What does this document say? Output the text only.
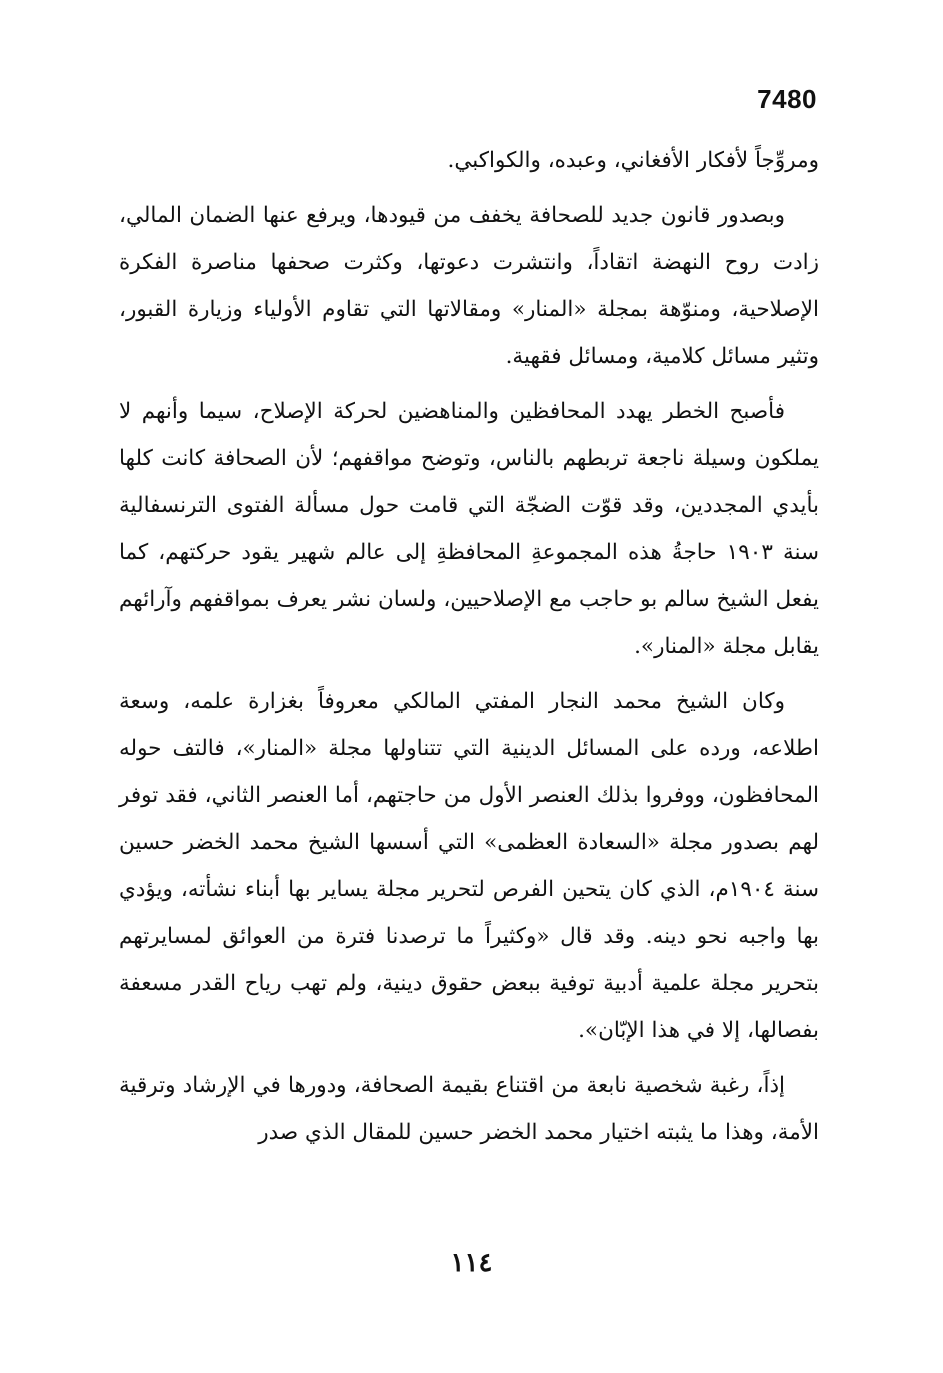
7480

ومروِّجاً لأفكار الأفغاني، وعبده، والكواكبي.

وبصدور قانون جديد للصحافة يخفف من قيودها، ويرفع عنها الضمان المالي، زادت روح النهضة اتقاداً، وانتشرت دعوتها، وكثرت صحفها مناصرة الفكرة الإصلاحية، ومنوّهة بمجلة «المنار» ومقالاتها التي تقاوم الأولياء وزيارة القبور، وتثير مسائل كلامية، ومسائل فقهية.

فأصبح الخطر يهدد المحافظين والمناهضين لحركة الإصلاح، سيما وأنهم لا يملكون وسيلة ناجعة تربطهم بالناس، وتوضح مواقفهم؛ لأن الصحافة كانت كلها بأيدي المجددين، وقد قوّت الضجّة التي قامت حول مسألة الفتوى الترنسفالية سنة ١٩٠٣ حاجةُ هذه المجموعةِ المحافظةِ إلى عالم شهير يقود حركتهم، كما يفعل الشيخ سالم بو حاجب مع الإصلاحيين، ولسان نشر يعرف بمواقفهم وآرائهم يقابل مجلة «المنار».

وكان الشيخ محمد النجار المفتي المالكي معروفاً بغزارة علمه، وسعة اطلاعه، ورده على المسائل الدينية التي تتناولها مجلة «المنار»، فالتف حوله المحافظون، ووفروا بذلك العنصر الأول من حاجتهم، أما العنصر الثاني، فقد توفر لهم بصدور مجلة «السعادة العظمى» التي أسسها الشيخ محمد الخضر حسين سنة ١٩٠٤م، الذي كان يتحين الفرص لتحرير مجلة يساير بها أبناء نشأته، ويؤدي بها واجبه نحو دينه. وقد قال «وكثيراً ما ترصدنا فترة من العوائق لمسايرتهم بتحرير مجلة علمية أدبية توفية ببعض حقوق دينية، ولم تهب رياح القدر مسعفة بفصالها، إلا في هذا الإبّان».

إذاً، رغبة شخصية نابعة من اقتناع بقيمة الصحافة، ودورها في الإرشاد وترقية الأمة، وهذا ما يثبته اختيار محمد الخضر حسين للمقال الذي صدر

١١٤
